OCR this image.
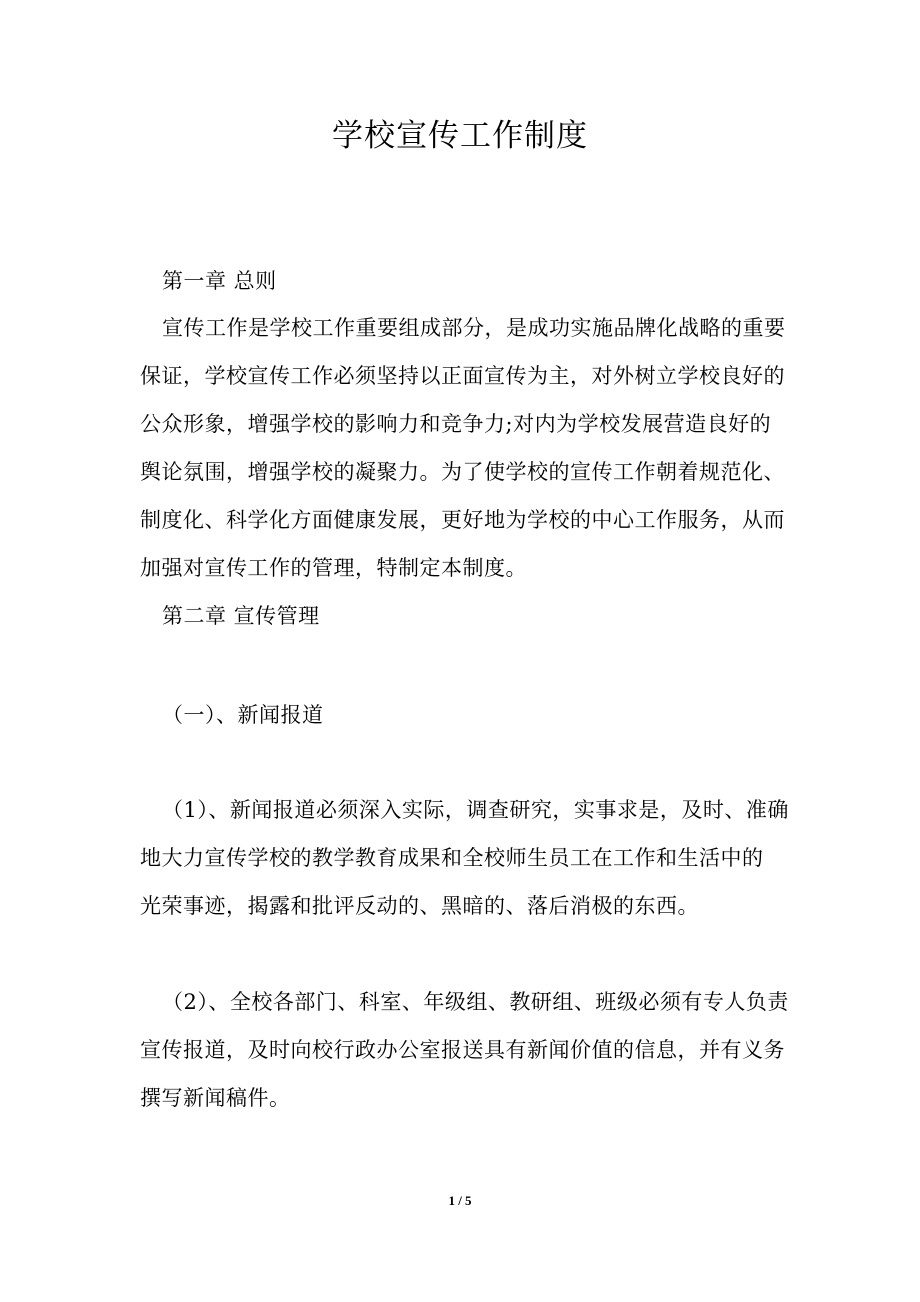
学校宣传工作制度
第一章 总则
宣传工作是学校工作重要组成部分，是成功实施品牌化战略的重要
保证，学校宣传工作必须坚持以正面宣传为主，对外树立学校良好的
公众形象，增强学校的影响力和竞争力;对内为学校发展营造良好的
舆论氛围，增强学校的凝聚力。为了使学校的宣传工作朝着规范化、
制度化、科学化方面健康发展，更好地为学校的中心工作服务，从而
加强对宣传工作的管理，特制定本制度。
第二章 宣传管理
（一）、新闻报道
（1）、新闻报道必须深入实际，调查研究，实事求是，及时、准确
地大力宣传学校的教学教育成果和全校师生员工在工作和生活中的
光荣事迹，揭露和批评反动的、黑暗的、落后消极的东西。
（2）、全校各部门、科室、年级组、教研组、班级必须有专人负责
宣传报道，及时向校行政办公室报送具有新闻价值的信息，并有义务
撰写新闻稿件。
1 / 5
